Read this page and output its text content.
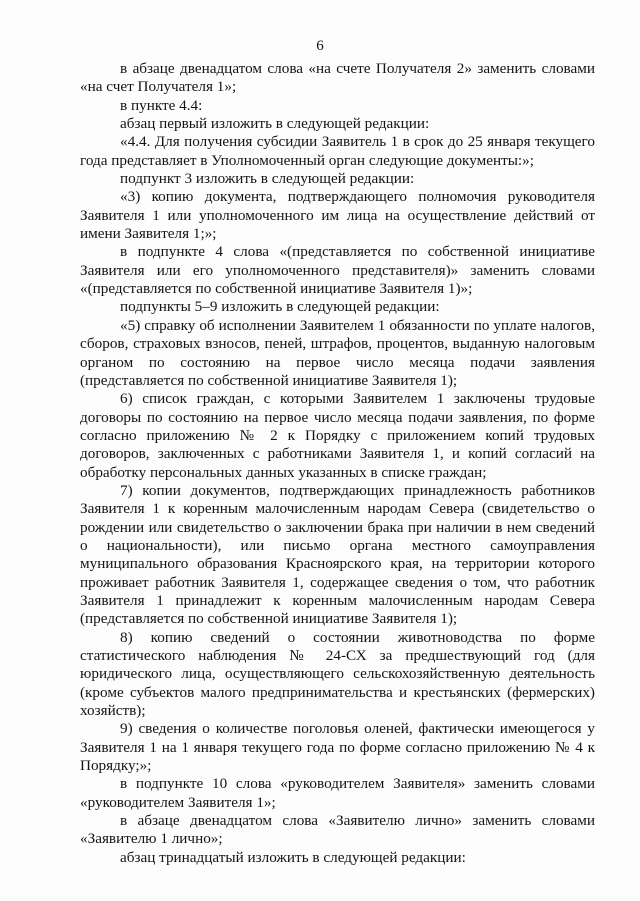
6

в абзаце двенадцатом слова «на счете Получателя 2» заменить словами «на счет Получателя 1»;

в пункте 4.4:

абзац первый изложить в следующей редакции:

«4.4. Для получения субсидии Заявитель 1 в срок до 25 января текущего года представляет в Уполномоченный орган следующие документы:»;

подпункт 3 изложить в следующей редакции:

«3) копию документа, подтверждающего полномочия руководителя Заявителя 1 или уполномоченного им лица на осуществление действий от имени Заявителя 1;»;

в подпункте 4 слова «(представляется по собственной инициативе Заявителя или его уполномоченного представителя)» заменить словами «(представляется по собственной инициативе Заявителя 1)»;

подпункты 5–9 изложить в следующей редакции:

«5) справку об исполнении Заявителем 1 обязанности по уплате налогов, сборов, страховых взносов, пеней, штрафов, процентов, выданную налоговым органом по состоянию на первое число месяца подачи заявления (представляется по собственной инициативе Заявителя 1);

6) список граждан, с которыми Заявителем 1 заключены трудовые договоры по состоянию на первое число месяца подачи заявления, по форме согласно приложению № 2 к Порядку с приложением копий трудовых договоров, заключенных с работниками Заявителя 1, и копий согласий на обработку персональных данных указанных в списке граждан;

7) копии документов, подтверждающих принадлежность работников Заявителя 1 к коренным малочисленным народам Севера (свидетельство о рождении или свидетельство о заключении брака при наличии в нем сведений о национальности), или письмо органа местного самоуправления муниципального образования Красноярского края, на территории которого проживает работник Заявителя 1, содержащее сведения о том, что работник Заявителя 1 принадлежит к коренным малочисленным народам Севера (представляется по собственной инициативе Заявителя 1);

8) копию сведений о состоянии животноводства по форме статистического наблюдения № 24-СХ за предшествующий год (для юридического лица, осуществляющего сельскохозяйственную деятельность (кроме субъектов малого предпринимательства и крестьянских (фермерских) хозяйств);

9) сведения о количестве поголовья оленей, фактически имеющегося у Заявителя 1 на 1 января текущего года по форме согласно приложению № 4 к Порядку;»;

в подпункте 10 слова «руководителем Заявителя» заменить словами «руководителем Заявителя 1»;

в абзаце двенадцатом слова «Заявителю лично» заменить словами «Заявителю 1 лично»;

абзац тринадцатый изложить в следующей редакции:
